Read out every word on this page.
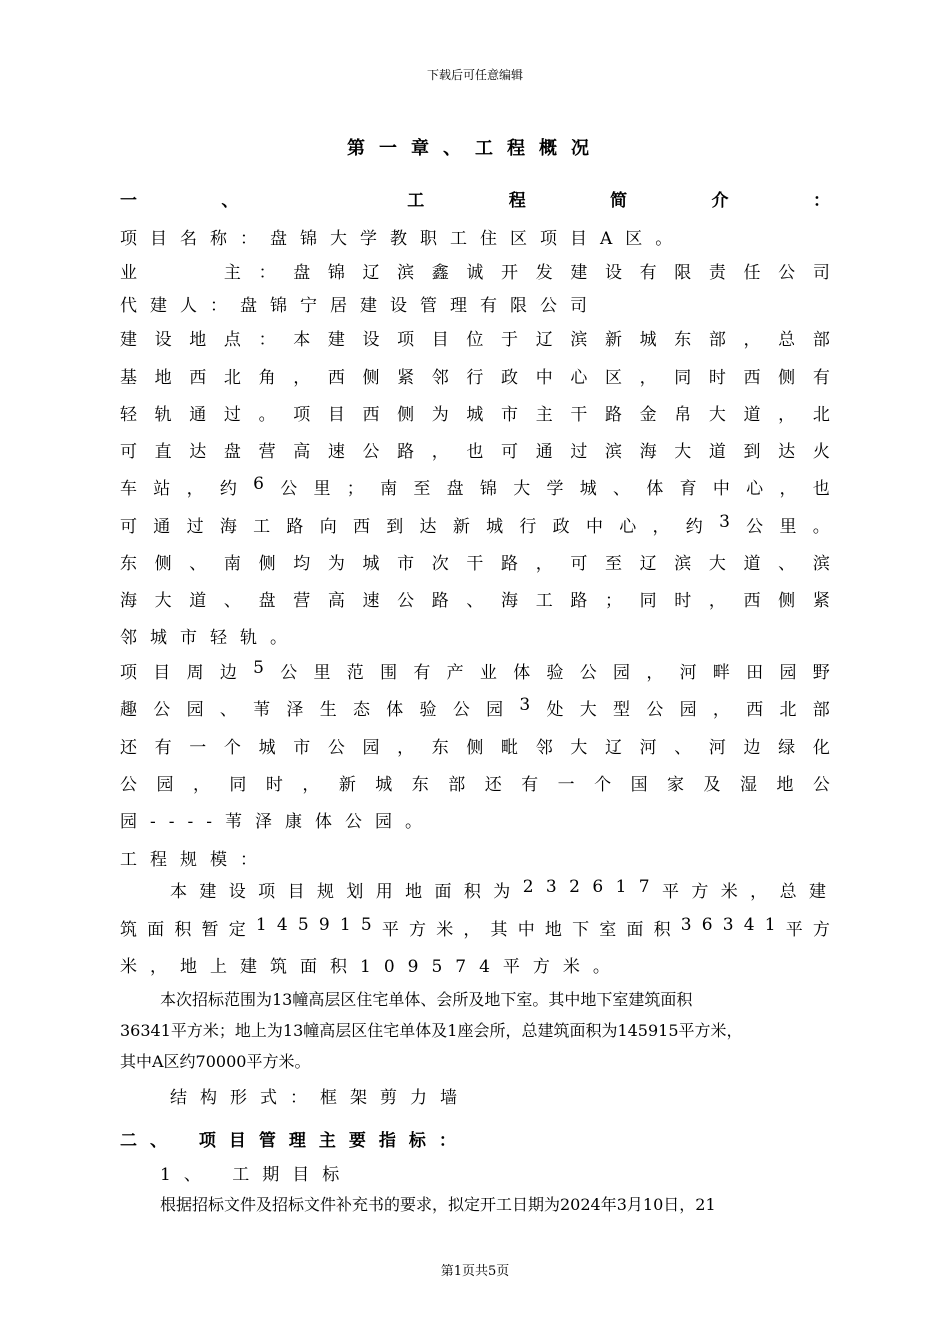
下载后可任意编辑
第一章、工程概况
一	、	工	程	简	介	：
项目名称：盘锦大学教职工住区项目A区。
业

　	主 ： 盘 锦 辽 滨 鑫 诚 开 发 建 设 有 限 责 任 公 司
代建人：盘锦宁居建设管理有限公司
建 设 地 点 ： 本 建 设 项 目 位 于 辽 滨 新 城 东 部 ， 总 部
基 地 西 北 角 ， 西 侧 紧 邻 行 政 中 心 区 ， 同 时 西 侧 有
轻 轨 通 过 。 项 目 西 侧 为 城 市 主 干 路 金 帛 大 道 ， 北
可 直 达 盘 营 高 速 公 路 ， 也 可 通 过 滨 海 大 道 到 达 火
车 站 ， 约 6 公 里 ； 南 至 盘 锦 大 学 城 、 体 育 中 心 ， 也
可 通 过 海 工 路 向 西 到 达 新 城 行 政 中 心 ， 约 3 公 里 。
东 侧 、 南 侧 均 为 城 市 次 干 路 ， 可 至 辽 滨 大 道 、 滨
海 大 道 、 盘 营 高 速 公 路 、 海 工 路 ； 同 时 ， 西 侧 紧
邻城市轻轨。
项 目 周 边 5 公 里 范 围 有 产 业 体 验 公 园 ， 河 畔 田 园 野
趣 公 园 、 苇 泽 生 态 体 验 公 园 3 处 大 型 公 园 ， 西 北 部
还 有 一 个 城 市 公 园 ， 东 侧 毗 邻 大 辽 河 、 河 边 绿 化
公 园 ， 同 时 ， 新 城 东 部 还 有 一 个 国 家 及 湿 地 公
园----苇泽康体公园。
工程规模：
本 建 设 项 目 规 划 用 地 面 积 为 2 3 2 6 1 7 平 方 米 ， 总 建
筑 面 积 暂 定 1 4 5 9 1 5 平 方 米 ， 其 中 地 下 室 面 积 3 6 3 4 1 平 方
米，地上建筑面积109574平方米。
本次招标范围为13幢高层区住宅单体、会所及地下室。其中地下室建筑面积
36341平方米；地上为13幢高层区住宅单体及1座会所，总建筑面积为145915平方米，
其中A区约70000平方米。
结构形式：框架剪力墙
二、 项目管理主要指标：
1、 工期目标
根据招标文件及招标文件补充书的要求，拟定开工日期为2024年3月10日，21
第1页共5页
